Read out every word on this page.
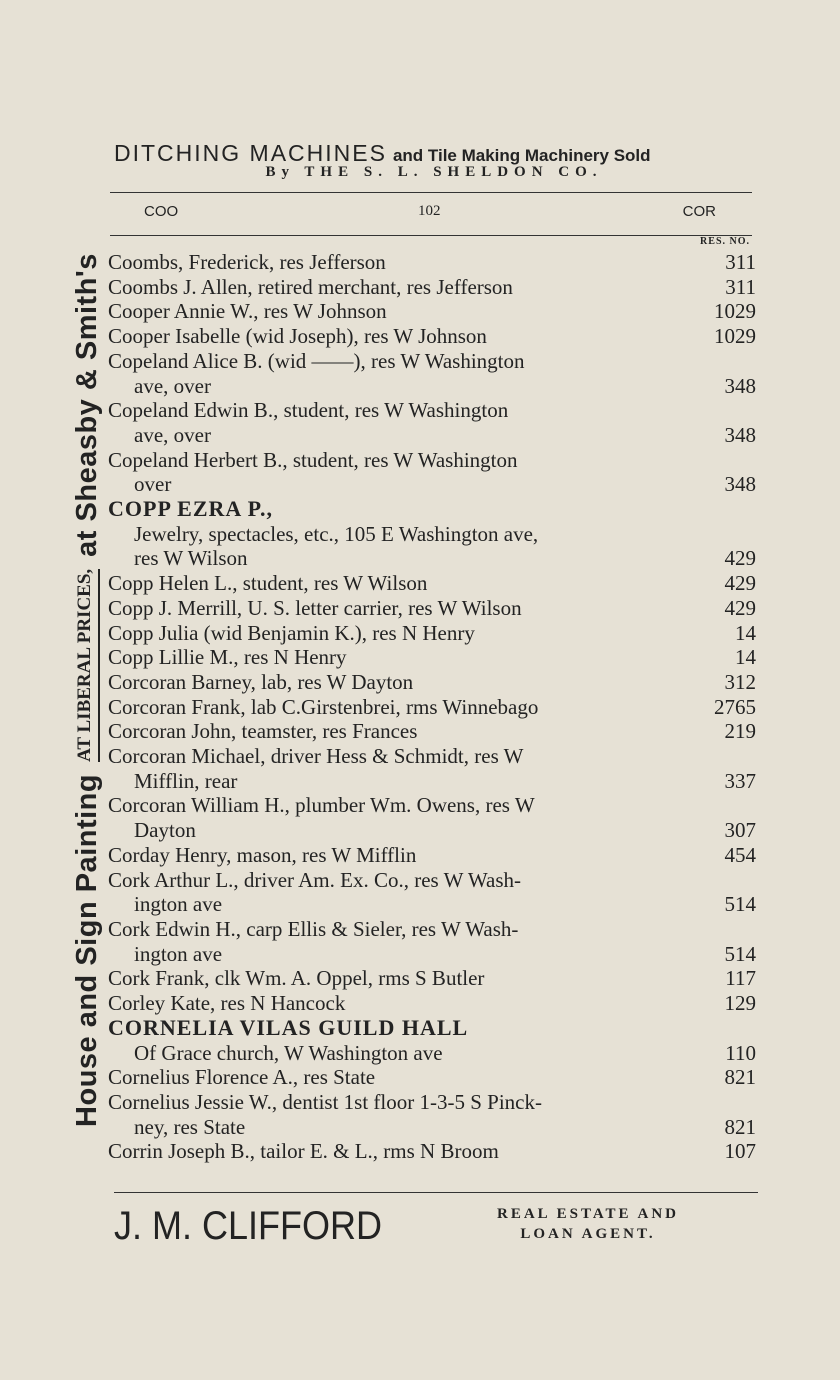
House and Sign Painting
AT LIBERAL PRICES,
at Sheasby & Smith's
DITCHING MACHINES and Tile Making Machinery Sold
By THE S. L. SHELDON CO.
COO	102	COR
RES. NO.
Coombs, Frederick, res Jefferson	311
Coombs J. Allen, retired merchant, res Jefferson	311
Cooper Annie W., res W Johnson	1029
Cooper Isabelle (wid Joseph), res W Johnson	1029
Copeland Alice B. (wid ——), res W Washington
ave, over	348
Copeland Edwin B., student, res W Washington
ave, over	348
Copeland Herbert B., student, res W Washington
over	348
COPP EZRA P.,
Jewelry, spectacles, etc., 105 E Washington ave,
res W Wilson	429
Copp Helen L., student, res W Wilson	429
Copp J. Merrill, U. S. letter carrier, res W Wilson	429
Copp Julia (wid Benjamin K.), res N Henry	14
Copp Lillie M., res N Henry	14
Corcoran Barney, lab, res W Dayton	312
Corcoran Frank, lab C.Girstenbrei, rms Winnebago	2765
Corcoran John, teamster, res Frances	219
Corcoran Michael, driver Hess & Schmidt, res W
Mifflin, rear	337
Corcoran William H., plumber Wm. Owens, res W
Dayton	307
Corday Henry, mason, res W Mifflin	454
Cork Arthur L., driver Am. Ex. Co., res W Wash-
ington ave	514
Cork Edwin H., carp Ellis & Sieler, res W Wash-
ington ave	514
Cork Frank, clk Wm. A. Oppel, rms S Butler	117
Corley Kate, res N Hancock	129
CORNELIA VILAS GUILD HALL
Of Grace church, W Washington ave	110
Cornelius Florence A., res State	821
Cornelius Jessie W., dentist 1st floor 1-3-5 S Pinck-
ney, res State	821
Corrin Joseph B., tailor E. & L., rms N Broom	107
J. M. CLIFFORD	REAL ESTATE AND
LOAN AGENT.
